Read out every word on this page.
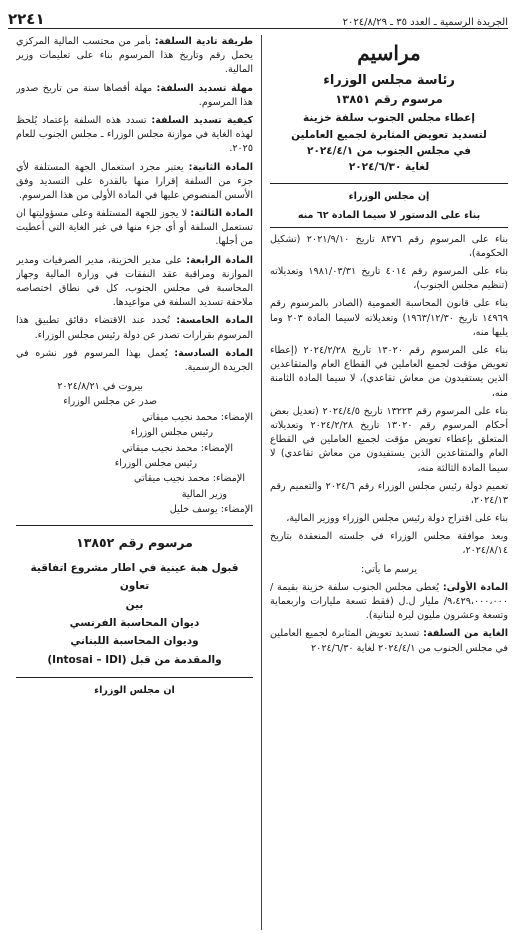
الجريدة الرسمية ـ العدد ٣٥ ـ ٢٠٢٤/٨/٢٩
٢٢٤١
مراسيم
رئاسة مجلس الوزراء
مرسوم رقم ١٣٨٥١
إعطاء مجلس الجنوب سلفة خزينة
لتسديد تعويض المثابرة لجميع العاملين
في مجلس الجنوب من ٢٠٢٤/٤/١
لغاية ٢٠٢٤/٦/٣٠

إن مجلس الوزراء

بناء على الدستور لا سيما المادة ٦٢ منه

بناء على المرسوم رقم ٨٣٧٦ تاريخ ٢٠٢١/٩/١٠ (تشكيل الحكومة)،

بناء على المرسوم رقم ٤٠١٤ تاريخ ١٩٨١/٠٣/٣١ وتعديلاته (تنظيم مجلس الجنوب)،

بناء على قانون المحاسبة العمومية (الصادر بالمرسوم رقم ١٤٩٦٩ تاريخ ١٩٦٣/١٢/٣٠) وتعديلاته لاسيما المادة ٢٠٣ وما يليها منه،

بناء على المرسوم رقم ١٣٠٢٠ تاريخ ٢٠٢٤/٢/٢٨ (إعطاء تعويض مؤقت لجميع العاملين في القطاع العام والمتقاعدين الذين يستفيدون من معاش تقاعدي)، لا سيما المادة الثامنة منه،

بناء على المرسوم رقم ١٣٢٢٣ تاريخ ٢٠٢٤/٤/٥ (تعديل بعض أحكام المرسوم رقم ١٣٠٢٠ تاريخ ٢٠٢٤/٢/٢٨ وتعديلاته المتعلق بإعطاء تعويض مؤقت لجميع العاملين في القطاع العام والمتقاعدين الذين يستفيدون من معاش تقاعدي) لا سيما المادة الثالثة منه،

تعميم دولة رئيس مجلس الوزراء رقم ٢٠٢٤/٦ والتعميم رقم ٢٠٢٤/١٣،

بناء على اقتراح دولة رئيس مجلس الوزراء ووزير المالية،

وبعد موافقة مجلس الوزراء في جلسته المنعقدة بتاريخ ٢٠٢٤/٨/١٤،

يرسم ما يأتي:

المادة الأولى: يُعطى مجلس الجنوب سلفة خزينة بقيمة /٩،٤٢٩،٠٠٠،٠٠٠/ مليار ل.ل (فقط تسعة مليارات واربعماية وتسعة وعشرون مليون ليرة لبنانية).

الغاية من السلفة: تسديد تعويض المثابرة لجميع العاملين في مجلس الجنوب من ٢٠٢٤/٤/١ لغاية ٢٠٢٤/٦/٣٠

طريقة تادية السلفة: بأمر من محتسب المالية المركزي يحمل رقم وتاريخ هذا المرسوم بناء على تعليمات وزير المالية.

مهلة تسديد السلفة: مهلة أقصاها سنة من تاريخ صدور هذا المرسوم.

كيفية تسديد السلفة: تسدد هذه السلفة بإعتماد يُلحظ لهذه الغاية في موازنة مجلس الوزراء ـ مجلس الجنوب للعام ٢٠٢٥.

المادة الثانية: يعتبر مجرد استعمال الجهة المستلفة لأي جزء من السلفة إقرارا منها بالقدرة على التسديد وفق الأسس المنصوص عليها في المادة الأولى من هذا المرسوم.

المادة الثالثة: لا يجوز للجهة المستلفة وعلى مسؤوليتها ان تستعمل السلفة أو أي جزء منها في غير الغاية التي أعطيت من أجلها.

المادة الرابعة: على مدير الخزينة، مدير الصرفيات ومدير الموازنة ومراقبة عقد النفقات في وزارة المالية وجهاز المحاسبة في مجلس الجنوب، كل في نطاق اختصاصه ملاحقة تسديد السلفة في مواعيدها.

المادة الخامسة: تُحدد عند الاقتضاء دقائق تطبيق هذا المرسوم بقرارات تصدر عن دولة رئيس مجلس الوزراء.

المادة السادسة: يُعمل بهذا المرسوم فور نشره في الجريدة الرسمية.

بيروت في ٢٠٢٤/٨/٢١

صدر عن مجلس الوزراء

الإمضاء: محمد نجيب ميقاتي

رئيس مجلس الوزراء

الإمضاء: محمد نجيب ميقاتي

رئيس مجلس الوزراء

الإمضاء: محمد نجيب ميقاتي

وزير المالية

الإمضاء: يوسف خليل

مرسوم رقم ١٣٨٥٢
قبول هبة عينية في اطار مشروع اتفاقية تعاون
بين
ديوان المحاسبة الفرنسي
وديوان المحاسبة اللبناني
والمقدمة من قبل (Intosai – IDI)

ان مجلس الوزراء
